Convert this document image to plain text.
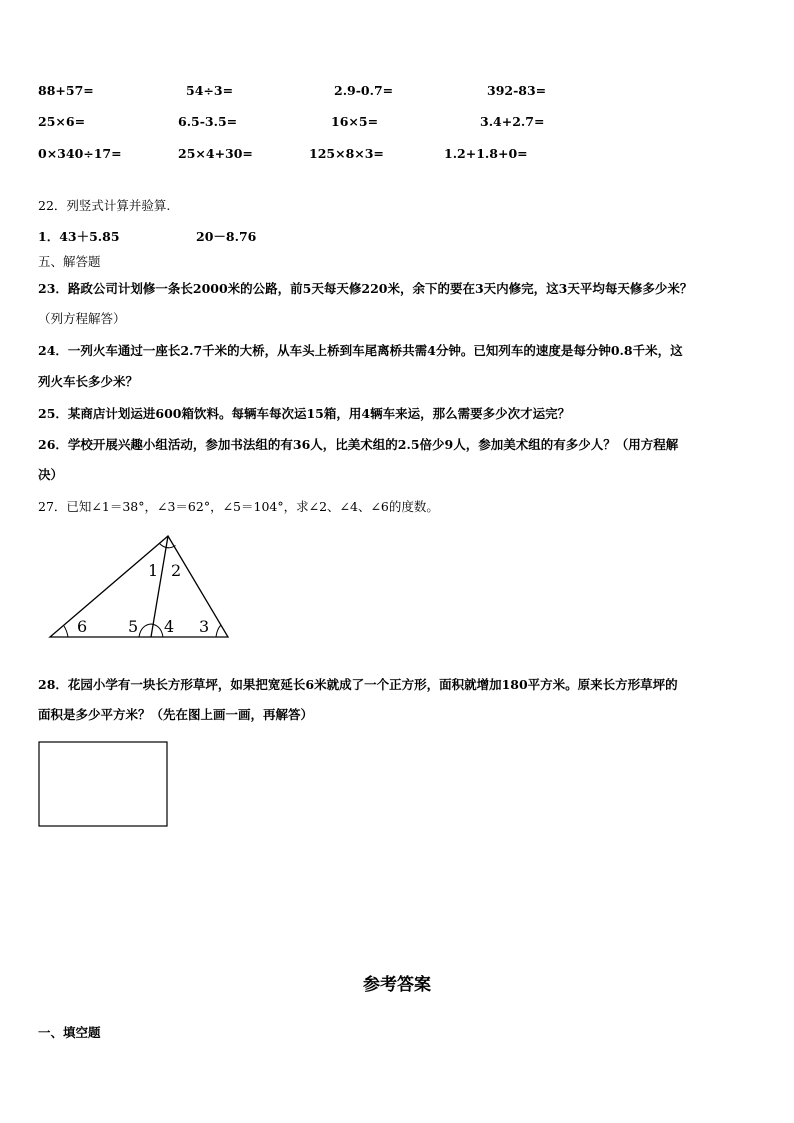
88+57=	54÷3=	2.9-0.7=	392-83=
25×6=	6.5-3.5=	16×5=	3.4+2.7=
0×340÷17=	25×4+30=	125×8×3=	1.2+1.8+0=
22．列竖式计算并验算.
1．43＋5.85	20－8.76
五、解答题
23．路政公司计划修一条长2000米的公路，前5天每天修220米，余下的要在3天内修完，这3天平均每天修多少米？
（列方程解答）
24．一列火车通过一座长2.7千米的大桥，从车头上桥到车尾离桥共需4分钟。已知列车的速度是每分钟0.8千米，这
列火车长多少米？
25．某商店计划运进600箱饮料。每辆车每次运15箱，用4辆车来运，那么需要多少次才运完？
26．学校开展兴趣小组活动，参加书法组的有36人，比美术组的2.5倍少9人，参加美术组的有多少人？（用方程解
决）
27．已知∠1＝38°，∠3＝62°，∠5＝104°，求∠2、∠4、∠6的度数。
1 2
6	5 4 3
28．花园小学有一块长方形草坪，如果把宽延长6米就成了一个正方形，面积就增加180平方米。原来长方形草坪的
面积是多少平方米？（先在图上画一画，再解答）
参考答案
一、填空题
